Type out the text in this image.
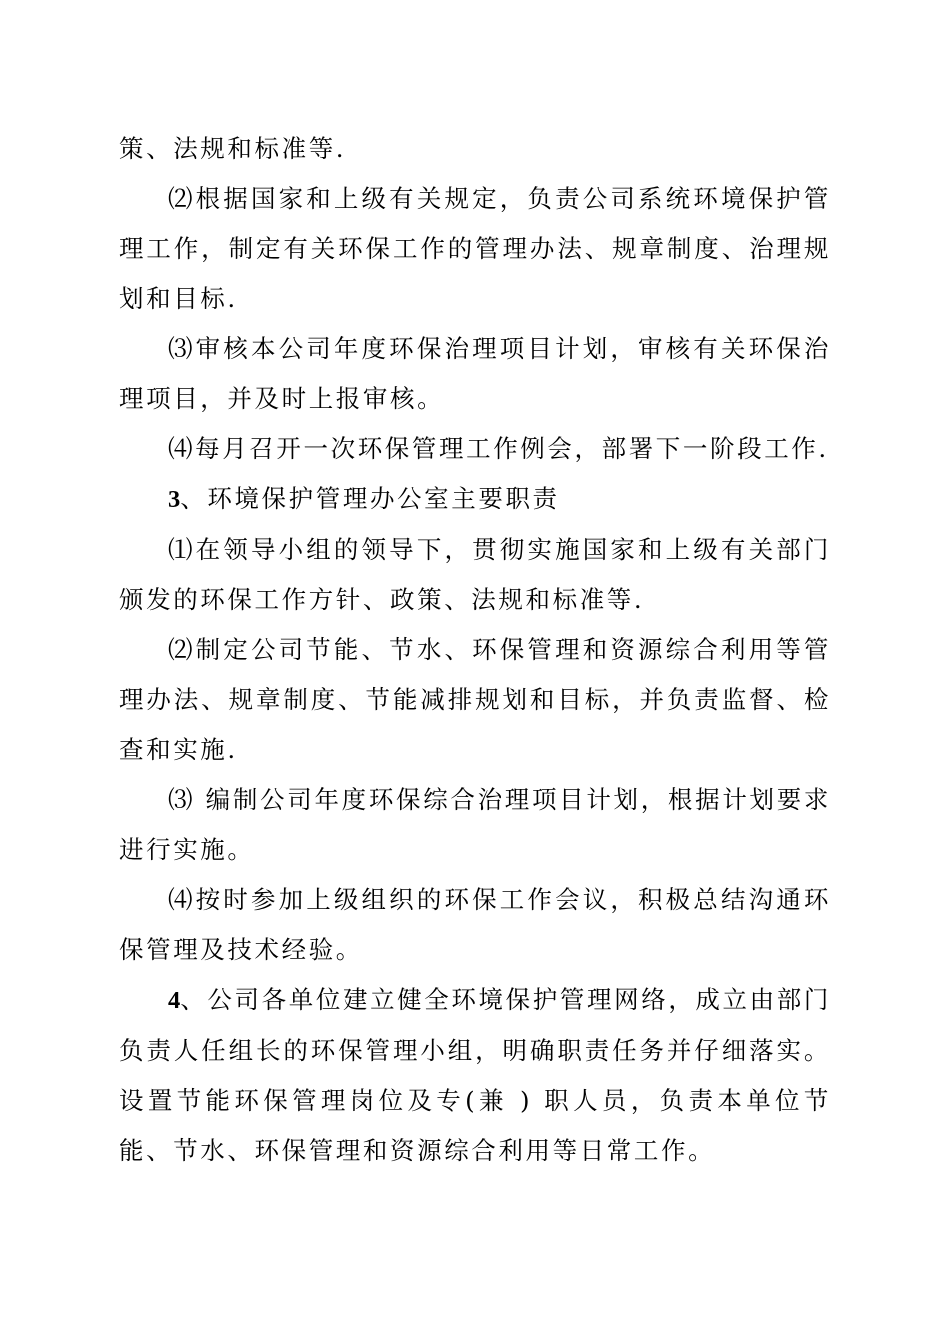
策、法规和标准等.

⑵根据国家和上级有关规定，负责公司系统环境保护管理工作，制定有关环保工作的管理办法、规章制度、治理规划和目标.

⑶审核本公司年度环保治理项目计划，审核有关环保治理项目，并及时上报审核。

⑷每月召开一次环保管理工作例会，部署下一阶段工作.

3、环境保护管理办公室主要职责

⑴在领导小组的领导下，贯彻实施国家和上级有关部门颁发的环保工作方针、政策、法规和标准等.

⑵制定公司节能、节水、环保管理和资源综合利用等管理办法、规章制度、节能减排规划和目标，并负责监督、检查和实施.

⑶ 编制公司年度环保综合治理项目计划，根据计划要求进行实施。

⑷按时参加上级组织的环保工作会议，积极总结沟通环保管理及技术经验。

4、公司各单位建立健全环境保护管理网络，成立由部门负责人任组长的环保管理小组，明确职责任务并仔细落实。设置节能环保管理岗位及专(兼 ) 职人员，负责本单位节能、节水、环保管理和资源综合利用等日常工作。
